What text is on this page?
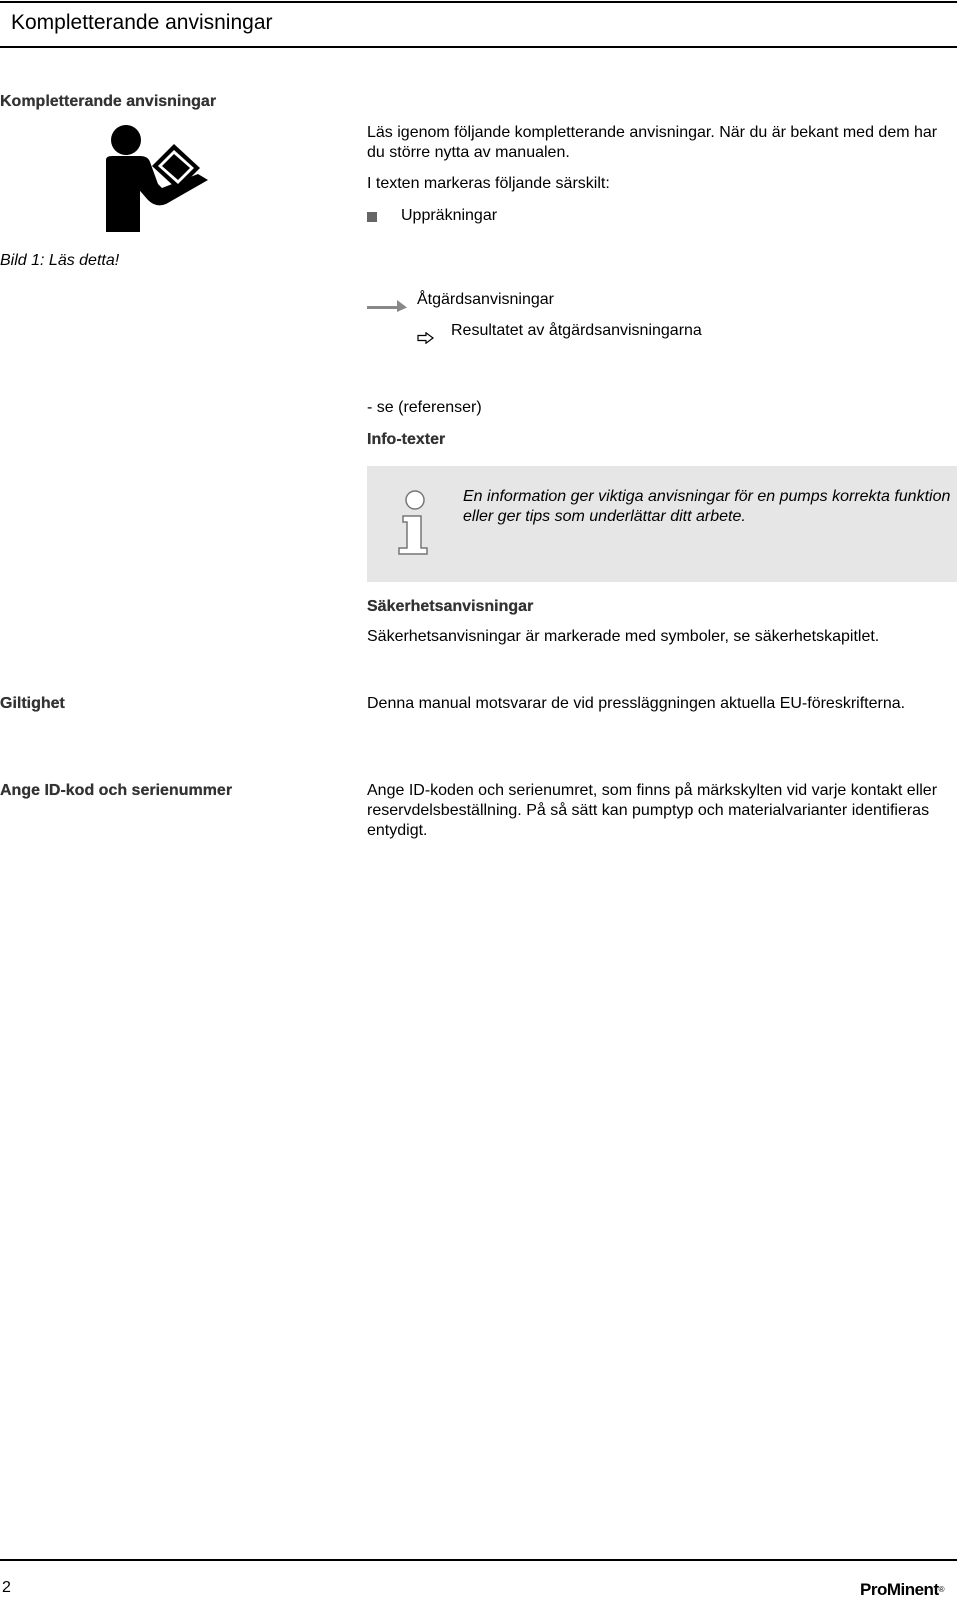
Kompletterande anvisningar
Kompletterande anvisningar
Bild 1: Läs detta!
Läs igenom följande kompletterande anvisningar. När du är bekant med dem har du större nytta av manualen.
I texten markeras följande särskilt:
Uppräkningar
Åtgärdsanvisningar
Resultatet av åtgärdsanvisningarna
- se (referenser)
Info-texter
En information ger viktiga anvisningar för en pumps korrekta funktion eller ger tips som underlättar ditt arbete.
Säkerhetsanvisningar
Säkerhetsanvisningar är markerade med symboler, se säkerhetskapitlet.
Giltighet	Denna manual motsvarar de vid pressläggningen aktuella EU-föreskrifterna.
Ange ID-kod och serienummer	Ange ID-koden och serienumret, som finns på märkskylten vid varje kontakt eller reservdelsbeställning. På så sätt kan pumptyp och materialvarianter identifieras entydigt.
2	ProMinent®
